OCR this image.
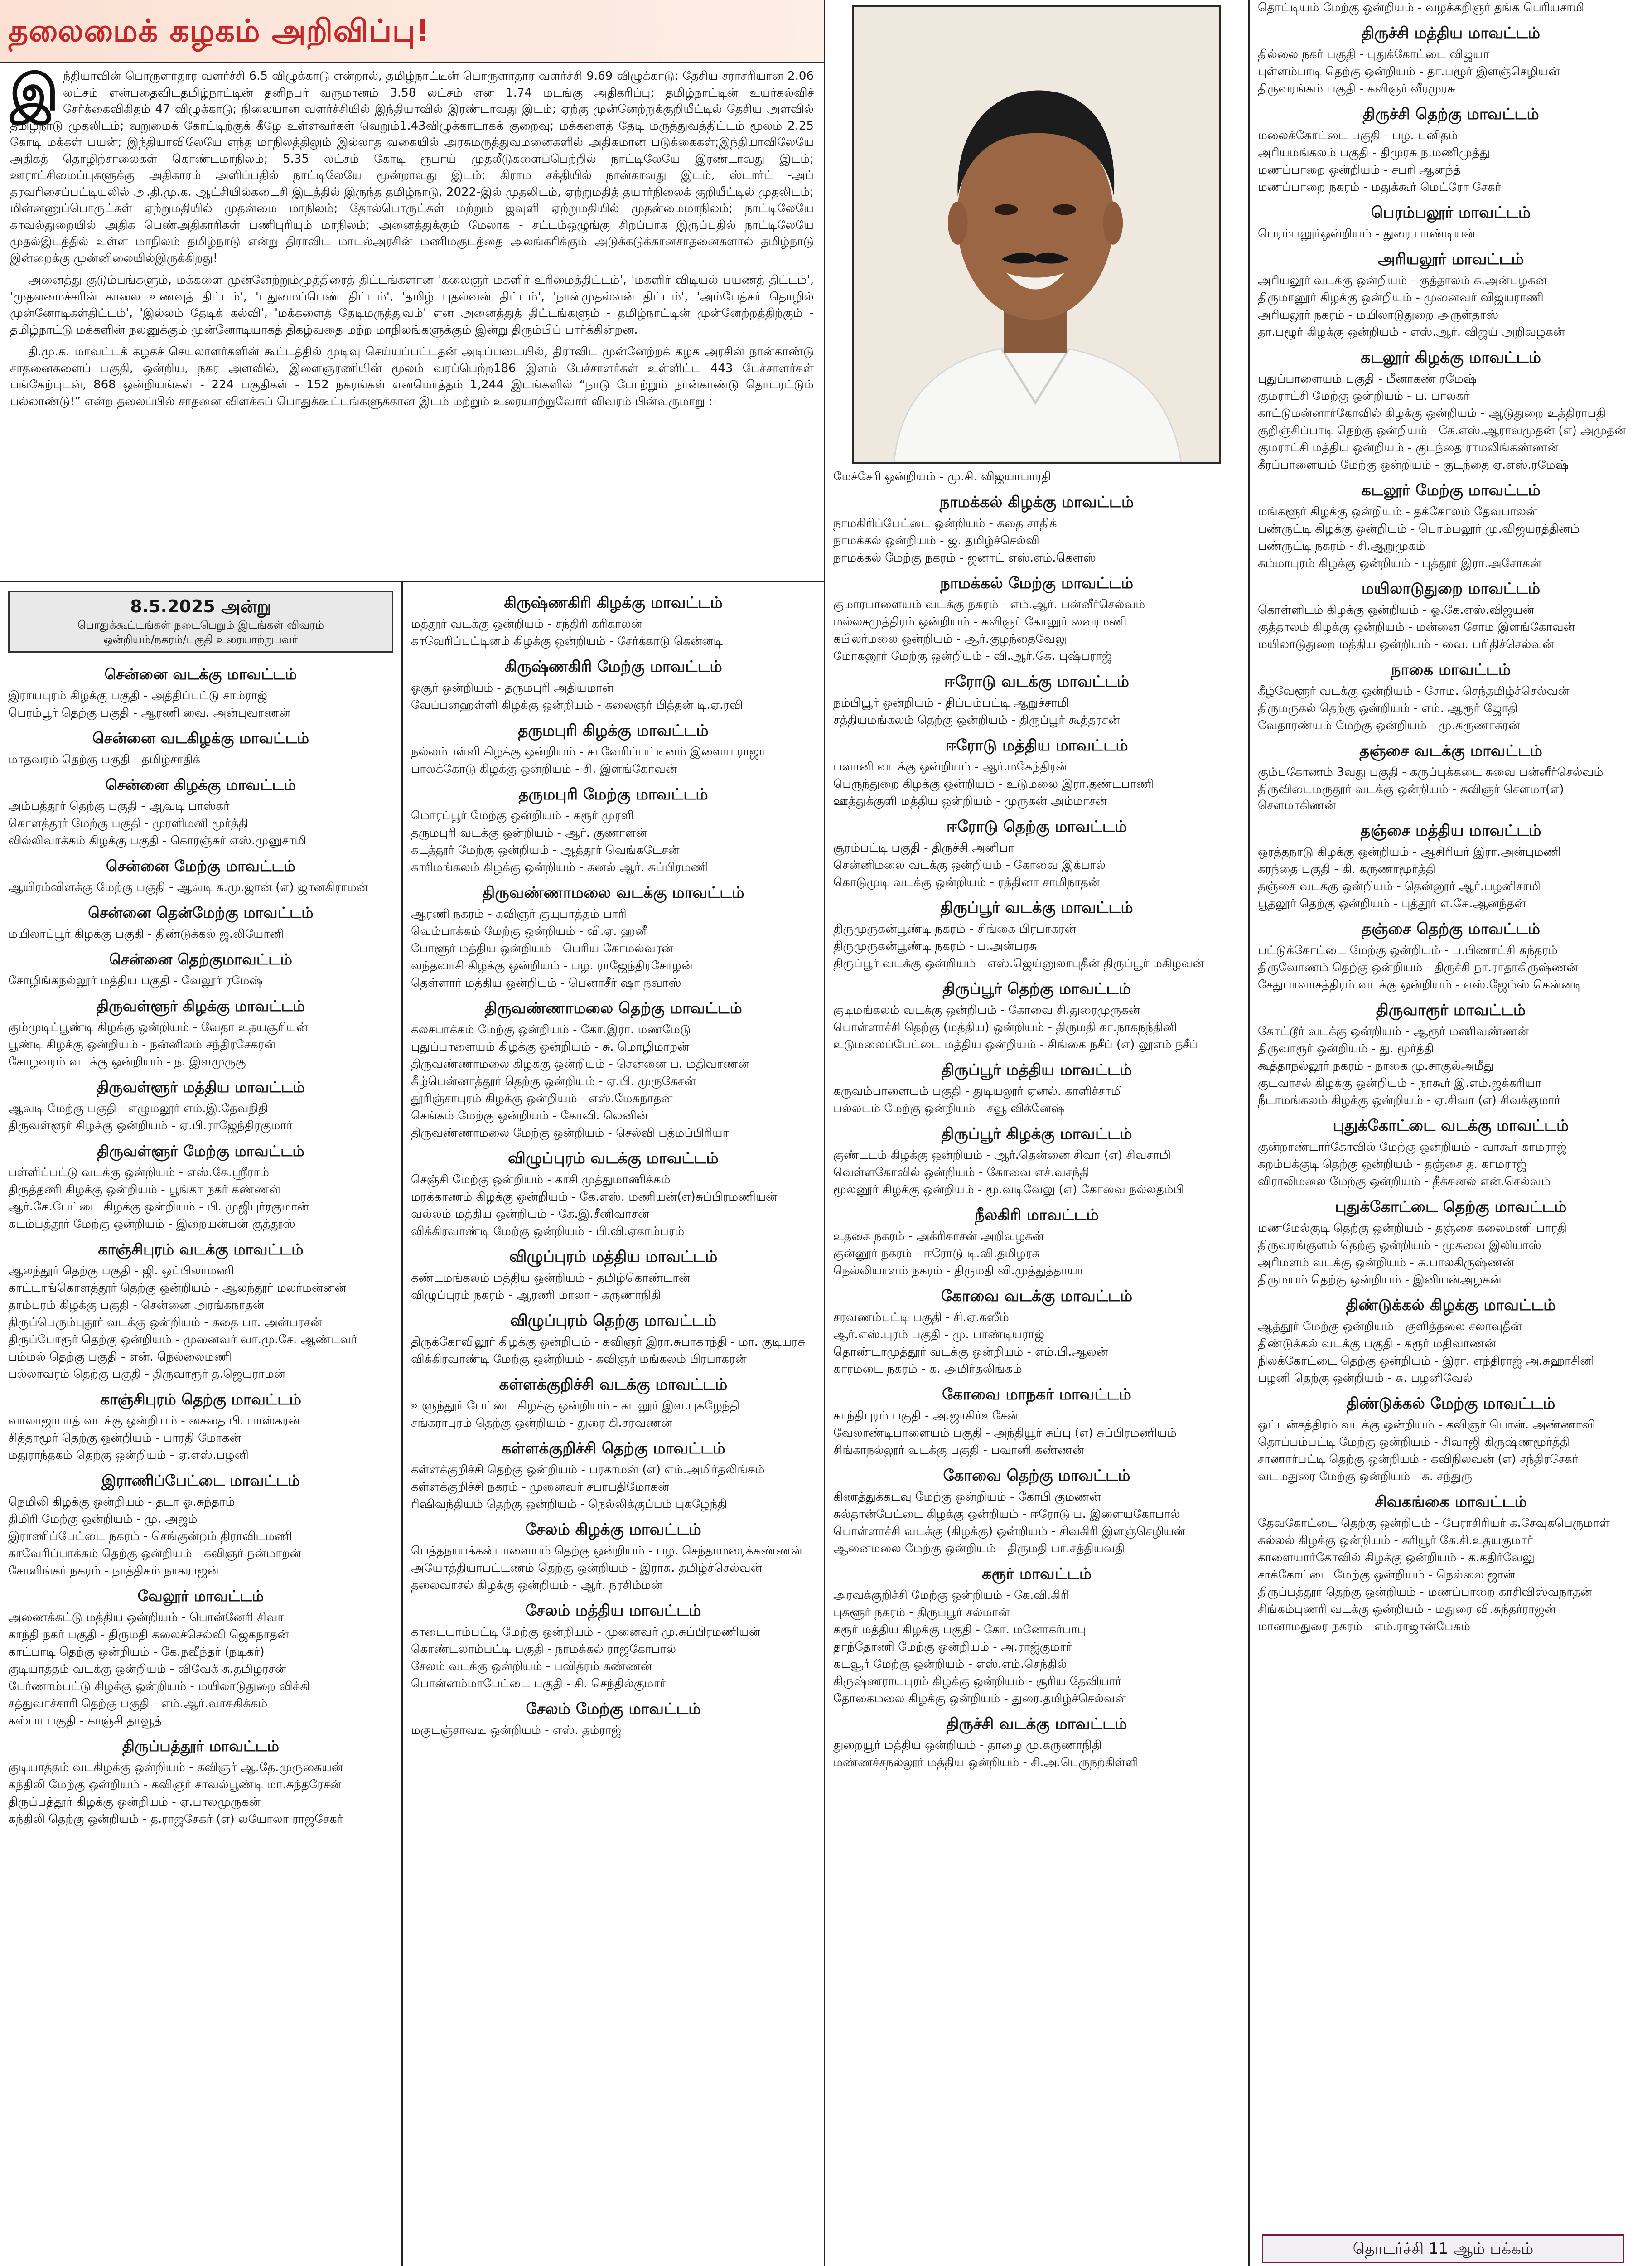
தலைமைக் கழகம் அறிவிப்பு!

இந்தியாவின் பொருளாதார வளர்ச்சி 6.5 விழுக்காடு என்றால், தமிழ்நாட்டின் பொருளாதார வளர்ச்சி 9.69 விழுக்காடு; தேசிய சராசரியான 2.06 லட்சம் என்பதைவிடதமிழ்நாட்டின் தனிநபர் வருமானம் 3.58 லட்சம் என 1.74 மடங்கு அதிகரிப்பு; தமிழ்நாட்டின் உயர்கல்விச் சேர்க்கைவிகிதம் 47 விழுக்காடு; நிலையான வளர்ச்சியில் இந்தியாவில் இரண்டாவது இடம்; ஏற்கு முன்னேற்றுக்குறியீட்டில் தேசிய அளவில் தமிழ்நாடு முதலிடம்; வறுமைக் கோட்டிற்குக் கீழே உள்ளவர்கள் வெறும்1.43விழுக்காடாகக் குறைவு; மக்களைத் தேடி மருத்துவத்திட்டம் மூலம் 2.25 கோடி மக்கள் பயன்; இந்தியாவிலேயே எந்த மாநிலத்திலும் இல்லாத வகையில் அரசுமருத்துவமனைகளில் அதிகமான படுக்கைகள்;இந்தியாவிலேயே அதிகத் தொழிற்சாலைகள் கொண்டமாநிலம்; 5.35 லட்சம் கோடி ரூபாய் முதலீடுகளைப்பெற்றில் நாட்டிலேயே இரண்டாவது இடம்; ஊராட்சிமைப்புகளுக்கு அதிகாரம் அளிப்பதில் நாட்டிலேயே மூன்றாவது இடம்; கிராம சக்தியில் நான்காவது இடம், ஸ்டார்ட் -அப் தரவரிசைப்பட்டியலில் அ.தி.மு.க. ஆட்சியில்கடைசி இடத்தில் இருந்த தமிழ்நாடு, 2022-இல் முதலிடம், ஏற்றுமதித் தயார்நிலைக் குறியீட்டில் முதலிடம்; மின்னணுப்பொருட்கள் ஏற்றுமதியில் முதன்மை மாநிலம்; தோல்பொருட்கள் மற்றும் ஜவுளி ஏற்றுமதியில் முதன்மைமாநிலம்; நாட்டிலேயே காவல்துறையில் அதிக பெண்அதிகாரிகள் பணிபுரியும் மாநிலம்; அனைத்துக்கும் மேலாக - சட்டம்ஒழுங்கு சிறப்பாக இருப்பதில் நாட்டிலேயே முதல்இடத்தில் உள்ள மாநிலம் தமிழ்நாடு என்று திராவிட மாடல்அரசின் மணிமகுடத்தை அலங்கரிக்கும் அடுக்கடுக்கானசாதனைகளால் தமிழ்நாடு இன்றைக்கு முன்னிலையில்இருக்கிறது!

அனைத்து குடும்பங்களும், மக்களை முன்னேற்றும்முத்திரைத் திட்டங்களான 'கலைஞர் மகளிர் உரிமைத்திட்டம்', 'மகளிர் விடியல் பயணத் திட்டம்', 'முதலமைச்சரின் காலை உணவுத் திட்டம்', 'புதுமைப்பெண் திட்டம்', 'தமிழ் புதல்வன் திட்டம்', 'நான்முதல்வன் திட்டம்', 'அம்பேத்கர் தொழில் முன்னோடிகள்திட்டம்', 'இல்லம் தேடிக் கல்வி', 'மக்களைத் தேடிமருத்துவம்' என அனைத்துத் திட்டங்களும் - தமிழ்நாட்டின் முன்னேற்றத்திற்கும் - தமிழ்நாட்டு மக்களின் நலனுக்கும் முன்னோடியாகத் திகழ்வதை மற்ற மாநிலங்களுக்கும் இன்று திரும்பிப் பார்க்கின்றன.

தி.மு.க. மாவட்டக் கழகச் செயலாளர்களின் கூட்டத்தில் முடிவு செய்யப்பட்டதன் அடிப்படையில், திராவிட முன்னேற்றக் கழக அரசின் நான்காண்டு சாதனைகளைப் பகுதி, ஒன்றிய, நகர அளவில், இளைஞரணியின் மூலம் வரப்பெற்ற186 இளம் பேச்சாளர்கள் உள்ளிட்ட 443 பேச்சாளர்கள் பங்கேற்புடன், 868 ஒன்றியங்கள் - 224 பகுதிகள் - 152 நகரங்கள் எனமொத்தம் 1,244 இடங்களில் “நாடு போற்றும் நான்காண்டு தொடரட்டும் பல்லாண்டு!” என்ற தலைப்பில் சாதனை விளக்கப் பொதுக்கூட்டங்களுக்கான இடம் மற்றும் உரையாற்றுவோர் விவரம் பின்வருமாறு :-

8.5.2025 அன்று
பொதுக்கூட்டங்கள் நடைபெறும் இடங்கள் விவரம்
ஒன்றியம்/நகரம்/பகுதி உரையாற்றுபவர்
சென்னை வடக்கு மாவட்டம்
இராயபுரம் கிழக்கு பகுதி - அத்திப்பட்டு சாம்ராஜ்
பெரம்பூர் தெற்கு பகுதி - ஆரணி வை. அன்புவாணன்
சென்னை வடகிழக்கு மாவட்டம்
மாதவரம் தெற்கு பகுதி - தமிழ்சாதிக்
சென்னை கிழக்கு மாவட்டம்
அம்பத்தூர் தெற்கு பகுதி - ஆவடி பாஸ்கர்
கொளத்தூர் மேற்கு பகுதி - முரளிமனி மூர்த்தி
வில்லிவாக்கம் கிழக்கு பகுதி - கொரஞ்சுர் எஸ்.முனுசாமி
சென்னை மேற்கு மாவட்டம்
ஆயிரம்விளக்கு மேற்கு பகுதி - ஆவடி க.மு.ஜான் (எ) ஜானகிராமன்
சென்னை தென்மேற்கு மாவட்டம்
மயிலாப்பூர் கிழக்கு பகுதி - திண்டுக்கல் ஜ.லியோனி
சென்னை தெற்குமாவட்டம்
சோழிங்கநல்லூர் மத்திய பகுதி - வேலூர் ரமேஷ்
திருவள்ளூர் கிழக்கு மாவட்டம்
கும்முடிப்பூண்டி கிழக்கு ஒன்றியம் - வேதா உதயசூரியன்
பூண்டி கிழக்கு ஒன்றியம் - நன்னிலம் சந்திரசேகரன்
சோழவரம் வடக்கு ஒன்றியம் - ந. இளமுருகு
திருவள்ளூர் மத்திய மாவட்டம்
ஆவடி மேற்கு பகுதி - எழுமலூர் எம்.இ.தேவநிதி
திருவள்ளூர் கிழக்கு ஒன்றியம் - ஏ.பி.ராஜேந்திரகுமார்
திருவள்ளூர் மேற்கு மாவட்டம்
பள்ளிப்பட்டு வடக்கு ஒன்றியம் - எஸ்.கே.ஸ்ரீராம்
திருத்தணி கிழக்கு ஒன்றியம் - பூங்கா நகர் கண்ணன்
ஆர்.கே.பேட்டை கிழக்கு ஒன்றியம் - பி. முஜிபுர்ரகுமான்
கடம்பத்தூர் மேற்கு ஒன்றியம் - இறையன்பன் குத்தூஸ்
காஞ்சிபுரம் வடக்கு மாவட்டம்
ஆலந்தூர் தெற்கு பகுதி - ஜி. ஒப்பிலாமணி
காட்டாங்கொளத்தூர் தெற்கு ஒன்றியம் - ஆலந்தூர் மலர்மன்னன்
தாம்பரம் கிழக்கு பகுதி - சென்னை அரங்கநாதன்
திருப்பெரும்புதூர் வடக்கு ஒன்றியம் - கதை பா. அன்பரசன்
திருப்போரூர் தெற்கு ஒன்றியம் - முனைவர் வா.மு.சே. ஆண்டவர்
பம்மல் தெற்கு பகுதி - என். நெல்லைமணி
பல்லாவரம் தெற்கு பகுதி - திருவாரூர் த.ஜெயராமன்
காஞ்சிபுரம் தெற்கு மாவட்டம்
வாலாஜாபாத் வடக்கு ஒன்றியம் - சைதை பி. பாஸ்கரன்
சித்தாமூர் தெற்கு ஒன்றியம் - பாரதி மோகன்
மதுராந்தகம் தெற்கு ஒன்றியம் - ஏ.எஸ்.பழனி
இராணிப்பேட்டை மாவட்டம்
நெமிலி கிழக்கு ஒன்றியம் - தடா ஓ.சுந்தரம்
திமிரி மேற்கு ஒன்றியம் - மு. அஜம்
இராணிப்பேட்டை நகரம் - செங்குன்றம் திராவிடமணி
காவேரிப்பாக்கம் தெற்கு ஒன்றியம் - கவிஞர் நன்மாறன்
சோளிங்கர் நகரம் - நாத்திகம் நாகராஜன்
வேலூர் மாவட்டம்
அணைக்கட்டு மத்திய ஒன்றியம் - பொன்னேரி சிவா
காந்தி நகர் பகுதி - திருமதி கலைச்செல்வி ஜெகநாதன்
காட்பாடி தெற்கு ஒன்றியம் - கே.நவீந்தர் (நடிகர்)
குடியாத்தம் வடக்கு ஒன்றியம் - விவேக் சு.தமிழரசன்
பேர்ணாம்பட்டு கிழக்கு ஒன்றியம் - மயிலாடுதுறை விக்கி
சத்துவாச்சாரி தெற்கு பகுதி - எம்.ஆர்.வாசுகிக்கம்
கஸ்பா பகுதி - காஞ்சி தாவூத்
திருப்பத்தூர் மாவட்டம்
குடியாத்தம் வடகிழக்கு ஒன்றியம் - கவிஞர் ஆ.தே.முருகையன்
கந்திலி மேற்கு ஒன்றியம் - கவிஞர் சாவல்பூண்டி மா.சுந்தரேசன்
திருப்பத்தூர் கிழக்கு ஒன்றியம் - ஏ.பாலமுருகன்
கந்திலி தெற்கு ஒன்றியம் - த.ராஜசேகர் (எ) லயோலா ராஜசேகர்
கிருஷ்ணகிரி கிழக்கு மாவட்டம்
மத்தூர் வடக்கு ஒன்றியம் - சந்திரி கரிகாலன்
காவேரிப்பட்டினம் கிழக்கு ஒன்றியம் - சேர்க்காடு கென்னடி
கிருஷ்ணகிரி மேற்கு மாவட்டம்
ஓசூர் ஒன்றியம் - தருமபுரி அதியமான்
வேப்பனஹள்ளி கிழக்கு ஒன்றியம் - கலைஞர் பித்தன் டி.ஏ.ரவி
தருமபுரி கிழக்கு மாவட்டம்
நல்லம்பள்ளி கிழக்கு ஒன்றியம் - காவேரிப்பட்டினம் இளைய ராஜா
பாலக்கோடு கிழக்கு ஒன்றியம் - சி. இளங்கோவன்
தருமபுரி மேற்கு மாவட்டம்
மொரப்பூர் மேற்கு ஒன்றியம் - கரூர் முரளி
தருமபுரி வடக்கு ஒன்றியம் - ஆர். குணாளன்
கடத்தூர் மேற்கு ஒன்றியம் - ஆத்தூர் வெங்கடேசன்
காரிமங்கலம் கிழக்கு ஒன்றியம் - கனல் ஆர். சுப்பிரமணி
திருவண்ணாமலை வடக்கு மாவட்டம்
ஆரணி நகரம் - கவிஞர் குயுபாத்தம் பாரி
வெம்பாக்கம் மேற்கு ஒன்றியம் - வி.ஏ. ஹனீ
போளூர் மத்திய ஒன்றியம் - பெரிய கோமல்வரன்
வந்தவாசி கிழக்கு ஒன்றியம் - பழ. ராஜேந்திரசோழன்
தெள்ளார் மத்திய ஒன்றியம் - பெனாசீர் ஷா நவாஸ்
திருவண்ணாமலை தெற்கு மாவட்டம்
கலசபாக்கம் மேற்கு ஒன்றியம் - கோ.இரா. மணமேடு
புதுப்பாளையம் கிழக்கு ஒன்றியம் - சு. மொழிமாறன்
திருவண்ணாமலை கிழக்கு ஒன்றியம் - சென்னை ப. மதிவாணன்
கீழ்பென்னாத்தூர் தெற்கு ஒன்றியம் - ஏ.பி. முருகேசன்
தூரிஞ்சாபுரம் கிழக்கு ஒன்றியம் - எஸ்.மேகநாதன்
செங்கம் மேற்கு ஒன்றியம் - கோவி. லெனின்
திருவண்ணாமலை மேற்கு ஒன்றியம் - செல்வி பத்மப்பிரியா
விழுப்புரம் வடக்கு மாவட்டம்
செஞ்சி மேற்கு ஒன்றியம் - காசி முத்துமாணிக்கம்
மரக்காணம் கிழக்கு ஒன்றியம் - கே.எஸ். மணியன்(எ)சுப்பிரமணியன்
வல்லம் மத்திய ஒன்றியம் - கே.இ.சீனிவாசன்
விக்கிரவாண்டி மேற்கு ஒன்றியம் - பி.வி.ஏகாம்பரம்
விழுப்புரம் மத்திய மாவட்டம்
கண்டமங்கலம் மத்திய ஒன்றியம் - தமிழ்கொண்டான்
விழுப்புரம் நகரம் - ஆரணி மாலா - கருணாநிதி
விழுப்புரம் தெற்கு மாவட்டம்
திருக்கோவிலூர் கிழக்கு ஒன்றியம் - கவிஞர் இரா.சுபாகாந்தி - மா. குடியரசு
விக்கிரவாண்டி மேற்கு ஒன்றியம் - கவிஞர் மங்கலம் பிரபாகரன்
கள்ளக்குறிச்சி வடக்கு மாவட்டம்
உளுந்தூர் பேட்டை கிழக்கு ஒன்றியம் - கடலூர் இள.புகழேந்தி
சங்கராபுரம் தெற்கு ஒன்றியம் - துரை கி.சரவணன்
கள்ளக்குறிச்சி தெற்கு மாவட்டம்
கள்ளக்குறிச்சி தெற்கு ஒன்றியம் - பரகாமன் (எ) எம்.அமிர்தலிங்கம்
கள்ளக்குறிச்சி நகரம் - முனைவர் சபாபதிமோகன்
ரிஷிவந்தியம் தெற்கு ஒன்றியம் - நெல்லிக்குப்பம் புகழேந்தி
சேலம் கிழக்கு மாவட்டம்
பெத்தநாயக்கன்பாளையம் தெற்கு ஒன்றியம் - பழ. செந்தாமரைக்கண்ணன்
அயோத்தியாபட்டணம் தெற்கு ஒன்றியம் - இராசு. தமிழ்ச்செல்வன்
தலைவாசல் கிழக்கு ஒன்றியம் - ஆர். நரசிம்மன்
சேலம் மத்திய மாவட்டம்
காடையாம்பட்டி மேற்கு ஒன்றியம் - முனைவர் மு.சுப்பிரமணியன்
கொண்டலாம்பட்டி பகுதி - நாமக்கல் ராஜகோபால்
சேலம் வடக்கு ஒன்றியம் - பவித்ரம் கண்ணன்
பொன்னம்மாபேட்டை பகுதி - சி. செந்தில்குமார்
சேலம் மேற்கு மாவட்டம்
மகுடஞ்சாவடி ஒன்றியம் - எஸ். தம்ராஜ்
மேச்சேரி ஒன்றியம் - மு.சி. விஜயாபாரதி
நாமக்கல் கிழக்கு மாவட்டம்
நாமகிரிப்பேட்டை ஒன்றியம் - கதை சாதிக்
நாமக்கல் ஒன்றியம் - ஜ. தமிழ்ச்செல்வி
நாமக்கல் மேற்கு நகரம் - ஜனாட் எஸ்.எம்.கௌஸ்
நாமக்கல் மேற்கு மாவட்டம்
குமாரபாளையம் வடக்கு நகரம் - எம்.ஆர். பன்னீர்செல்வம்
மல்லசமுத்திரம் ஒன்றியம் - கவிஞர் கோலூர் வைரமணி
கபிலர்மலை ஒன்றியம் - ஆர்.குழந்தைவேலு
மோகனூர் மேற்கு ஒன்றியம் - வி.ஆர்.கே. புஷ்பராஜ்
ஈரோடு வடக்கு மாவட்டம்
நம்பியூர் ஒன்றியம் - திப்பம்பட்டி ஆறுச்சாமி
சத்தியமங்கலம் தெற்கு ஒன்றியம் - திருப்பூர் கூத்தரசன்
ஈரோடு மத்திய மாவட்டம்
பவானி வடக்கு ஒன்றியம் - ஆர்.மகேந்திரன்
பெருந்துறை கிழக்கு ஒன்றியம் - உடுமலை இரா.தண்டபாணி
ஊத்துக்குளி மத்திய ஒன்றியம் - முருகன் அம்மாசன்
ஈரோடு தெற்கு மாவட்டம்
சூரம்பட்டி பகுதி - திருச்சி அனிபா
சென்னிமலை வடக்கு ஒன்றியம் - கோவை இக்பால்
கொடுமுடி வடக்கு ஒன்றியம் - ரத்தினா சாமிநாதன்
திருப்பூர் வடக்கு மாவட்டம்
திருமுருகன்பூண்டி நகரம் - சிங்கை பிரபாகரன்
திருமுருகன்பூண்டி நகரம் - ப.அன்பரசு
திருப்பூர் வடக்கு ஒன்றியம் - எஸ்.ஜெய்னுலாபுதீன் திருப்பூர் மகிழவன்
திருப்பூர் தெற்கு மாவட்டம்
குடிமங்கலம் வடக்கு ஒன்றியம் - கோவை சி.துரைமுருகன்
பொள்ளாச்சி தெற்கு (மத்திய) ஒன்றியம் - திருமதி கா.நாகநந்தினி
உடுமலைப்பேட்டை மத்திய ஒன்றியம் - சிங்கை நசீப் (எ) லூஎம் நசீப்
திருப்பூர் மத்திய மாவட்டம்
கருவம்பாளையம் பகுதி - துடியலூர் ஏனல். காளிச்சாமி
பல்லடம் மேற்கு ஒன்றியம் - சவூ விக்னேஷ்
திருப்பூர் கிழக்கு மாவட்டம்
குண்டடம் கிழக்கு ஒன்றியம் - ஆர்.தென்னை சிவா (எ) சிவசாமி
வெள்ளகோவில் ஒன்றியம் - கோவை எச்.வசந்தி
மூலனூர் கிழக்கு ஒன்றியம் - மூ.வடிவேலு (எ) கோவை நல்லதம்பி
நீலகிரி மாவட்டம்
உதகை நகரம் - அக்ரிகாசன் அறிவழகன்
குன்னூர் நகரம் - ஈரோடு டி.வி.தமிழரசு
நெல்லியாளம் நகரம் - திருமதி வி.முத்துத்தாயா
கோவை வடக்கு மாவட்டம்
சரவணம்பட்டி பகுதி - சி.ஏ.கஸீம்
ஆர்.எஸ்.புரம் பகுதி - மு. பாண்டியராஜ்
தொண்டாமுத்தூர் வடக்கு ஒன்றியம் - எம்.பி.ஆலன்
காரமடை நகரம் - க. அமிர்தலிங்கம்
கோவை மாநகர் மாவட்டம்
காந்திபுரம் பகுதி - அ.ஜாகிர்உசேன்
வேலாண்டிபாளையம் பகுதி - அந்தியூர் சுப்பு (எ) சுப்பிரமணியம்
சிங்காநல்லூர் வடக்கு பகுதி - பவானி கண்ணன்
கோவை தெற்கு மாவட்டம்
கிணத்துக்கடவு மேற்கு ஒன்றியம் - கோபி குமணன்
சுல்தான்பேட்டை கிழக்கு ஒன்றியம் - ஈரோடு ப. இளையகோபால்
பொள்ளாச்சி வடக்கு (கிழக்கு) ஒன்றியம் - சிவகிரி இளஞ்செழியன்
ஆனைமலை மேற்கு ஒன்றியம் - திருமதி பா.சத்தியவதி
கரூர் மாவட்டம்
அரவக்குறிச்சி மேற்கு ஒன்றியம் - கே.வி.கிரி
புகளூர் நகரம் - திருப்பூர் சல்மான்
கரூர் மத்திய கிழக்கு பகுதி - கோ. மனோகர்பாபு
தாந்தோணி மேற்கு ஒன்றியம் - அ.ராஜ்குமார்
கடவூர் மேற்கு ஒன்றியம் - எஸ்.எம்.செந்தில்
கிருஷ்ணராயபுரம் கிழக்கு ஒன்றியம் - சூரிய தேவியார்
தோகைமலை கிழக்கு ஒன்றியம் - துரை.தமிழ்ச்செல்வன்
திருச்சி வடக்கு மாவட்டம்
துறையூர் மத்திய ஒன்றியம் - தாழை மு.கருணாநிதி
மண்ணச்சநல்லூர் மத்திய ஒன்றியம் - சி.அ.பெருநற்கிள்ளி
தொட்டியம் மேற்கு ஒன்றியம் - வழக்கறிஞர் தங்க பெரியசாமி
திருச்சி மத்திய மாவட்டம்
தில்லை நகர் பகுதி - புதுக்கோட்டை விஜயா
புள்ளம்பாடி தெற்கு ஒன்றியம் - தா.பழூர் இளஞ்செழியன்
திருவரங்கம் பகுதி - கவிஞர் வீரமுரசு
திருச்சி தெற்கு மாவட்டம்
மலைக்கோட்டை பகுதி - பழ. புனிதம்
அரியமங்கலம் பகுதி - திமுரசு ந.மணிமுத்து
மணப்பாறை ஒன்றியம் - சபரி ஆனந்த்
மணப்பாறை நகரம் - மதுக்கூர் மெட்ரோ சேகர்
பெரம்பலூர் மாவட்டம்
பெரம்பலூர்ஒன்றியம் - துரை பாண்டியன்
அரியலூர் மாவட்டம்
அரியலூர் வடக்கு ஒன்றியம் - குத்தாலம் க.அன்பழகன்
திருமானூர் கிழக்கு ஒன்றியம் - முனைவர் விஜயராணி
அரியலூர் நகரம் - மயிலாடுதுறை அருள்தாஸ்
தா.பழூர் கிழக்கு ஒன்றியம் - எஸ்.ஆர். விஜய் அறிவழகன்
கடலூர் கிழக்கு மாவட்டம்
புதுப்பாளையம் பகுதி - மீனாகண் ரமேஷ்
குமராட்சி மேற்கு ஒன்றியம் - ப. பாலகர்
காட்டுமன்னார்கோவில் கிழக்கு ஒன்றியம் - ஆடுதுறை உத்திராபதி
குறிஞ்சிப்பாடி தெற்கு ஒன்றியம் - கே.எஸ்.ஆராவமுதன் (எ) அமுதன்
குமராட்சி மத்திய ஒன்றியம் - குடந்தை ராமலிங்கண்ணன்
கீரப்பாளையம் மேற்கு ஒன்றியம் - குடந்தை ஏ.எஸ்.ரமேஷ்
கடலூர் மேற்கு மாவட்டம்
மங்களூர் கிழக்கு ஒன்றியம் - தக்கோலம் தேவபாலன்
பண்ருட்டி கிழக்கு ஒன்றியம் - பெரம்பலூர் மு.விஜயரத்தினம்
பண்ருட்டி நகரம் - சி.ஆறுமுகம்
கம்மாபுரம் கிழக்கு ஒன்றியம் - புத்தூர் இரா.அசோகன்
மயிலாடுதுறை மாவட்டம்
கொள்ளிடம் கிழக்கு ஒன்றியம் - ஓ.கே.எஸ்.விஜயன்
குத்தாலம் கிழக்கு ஒன்றியம் - மன்னை சோம இளங்கோவன்
மயிலாடுதுறை மத்திய ஒன்றியம் - வை. பரிதிச்செல்வன்
நாகை மாவட்டம்
கீழ்வேளூர் வடக்கு ஒன்றியம் - சோம. செந்தமிழ்ச்செல்வன்
திருமருகல் தெற்கு ஒன்றியம் - எம். ஆரூர் ஜோதி
வேதாரண்யம் மேற்கு ஒன்றியம் - மு.கருணாகரன்
தஞ்சை வடக்கு மாவட்டம்
கும்பகோணம் 3வது பகுதி - கருப்புக்கடை சுவை பன்னீர்செல்வம்
திருவிடைமருதூர் வடக்கு ஒன்றியம் - கவிஞர் சௌமா(எ) சௌமாகிணன்
தஞ்சை மத்திய மாவட்டம்
ஒரத்தநாடு கிழக்கு ஒன்றியம் - ஆசிரியர் இரா.அன்புமணி
கரந்தை பகுதி - கி. கருணாமூர்த்தி
தஞ்சை வடக்கு ஒன்றியம் - தென்னூர் ஆர்.பழனிசாமி
பூதலூர் தெற்கு ஒன்றியம் - புத்தூர் எ.கே.ஆனந்தன்
தஞ்சை தெற்கு மாவட்டம்
பட்டுக்கோட்டை மேற்கு ஒன்றியம் - ப.பிணாட்சி சுந்தரம்
திருவோணம் தெற்கு ஒன்றியம் - திருச்சி நா.ராதாகிருஷ்ணன்
சேதுபாவாசத்திரம் வடக்கு ஒன்றியம் - எஸ்.ஜேம்ஸ் கென்னடி
திருவாரூர் மாவட்டம்
கோட்டூர் வடக்கு ஒன்றியம் - ஆரூர் மணிவண்ணன்
திருவாரூர் ஒன்றியம் - து. மூர்த்தி
கூத்தாநல்லூர் நகரம் - நாகை மு.சாகுல்அமீது
குடவாசல் கிழக்கு ஒன்றியம் - நாகூர் இ.எம்.ஜக்கரியா
நீடாமங்கலம் கிழக்கு ஒன்றியம் - ஏ.சிவா (எ) சிவக்குமார்
புதுக்கோட்டை வடக்கு மாவட்டம்
குன்றாண்டார்கோவில் மேற்கு ஒன்றியம் - வாகூர் காமராஜ்
கறம்பக்குடி தெற்கு ஒன்றியம் - தஞ்சை த. காமராஜ்
விராலிமலை மேற்கு ஒன்றியம் - தீக்கனல் என்.செல்வம்
புதுக்கோட்டை தெற்கு மாவட்டம்
மணமேல்குடி தெற்கு ஒன்றியம் - தஞ்சை கலைமணி பாரதி
திருவரங்குளம் தெற்கு ஒன்றியம் - முகவை இலியாஸ்
அரிமளம் வடக்கு ஒன்றியம் - சு.பாலகிருஷ்ணன்
திருமயம் தெற்கு ஒன்றியம் - இனியன்அழகன்
திண்டுக்கல் கிழக்கு மாவட்டம்
ஆத்தூர் மேற்கு ஒன்றியம் - குளித்தலை சலாவுதீன்
திண்டுக்கல் வடக்கு பகுதி - கரூர் மதிவாணன்
நிலக்கோட்டை தெற்கு ஒன்றியம் - இரா. எந்திராஜ் அ.சுஹாசினி
பழனி தெற்கு ஒன்றியம் - சு. பழனிவேல்
திண்டுக்கல் மேற்கு மாவட்டம்
ஒட்டன்சத்திரம் வடக்கு ஒன்றியம் - கவிஞர் பொன். அண்ணாவி
தொப்பம்பட்டி மேற்கு ஒன்றியம் - சிவாஜி கிருஷ்ணமூர்த்தி
சாணார்பட்டி தெற்கு ஒன்றியம் - கவிநிலவன் (எ) சந்திரசேகர்
வடமதுரை மேற்கு ஒன்றியம் - க. சந்துரு
சிவகங்கை மாவட்டம்
தேவகோட்டை தெற்கு ஒன்றியம் - பேராசிரியர் க.சேவுகபெருமாள்
கல்லல் கிழக்கு ஒன்றியம் - சுரியூர் கே.சி.உதயகுமார்
காளையார்கோவில் கிழக்கு ஒன்றியம் - க.கதிர்வேலு
சாக்கோட்டை மேற்கு ஒன்றியம் - நெல்லை ஜான்
திருப்பத்தூர் தெற்கு ஒன்றியம் - மணப்பாறை காசிவிஸ்வநாதன்
சிங்கம்புணரி வடக்கு ஒன்றியம் - மதுரை வி.சுந்தர்ராஜன்
மானாமதுரை நகரம் - எம்.ராஜான்பேகம்
தொடர்ச்சி 11 ஆம் பக்கம்
